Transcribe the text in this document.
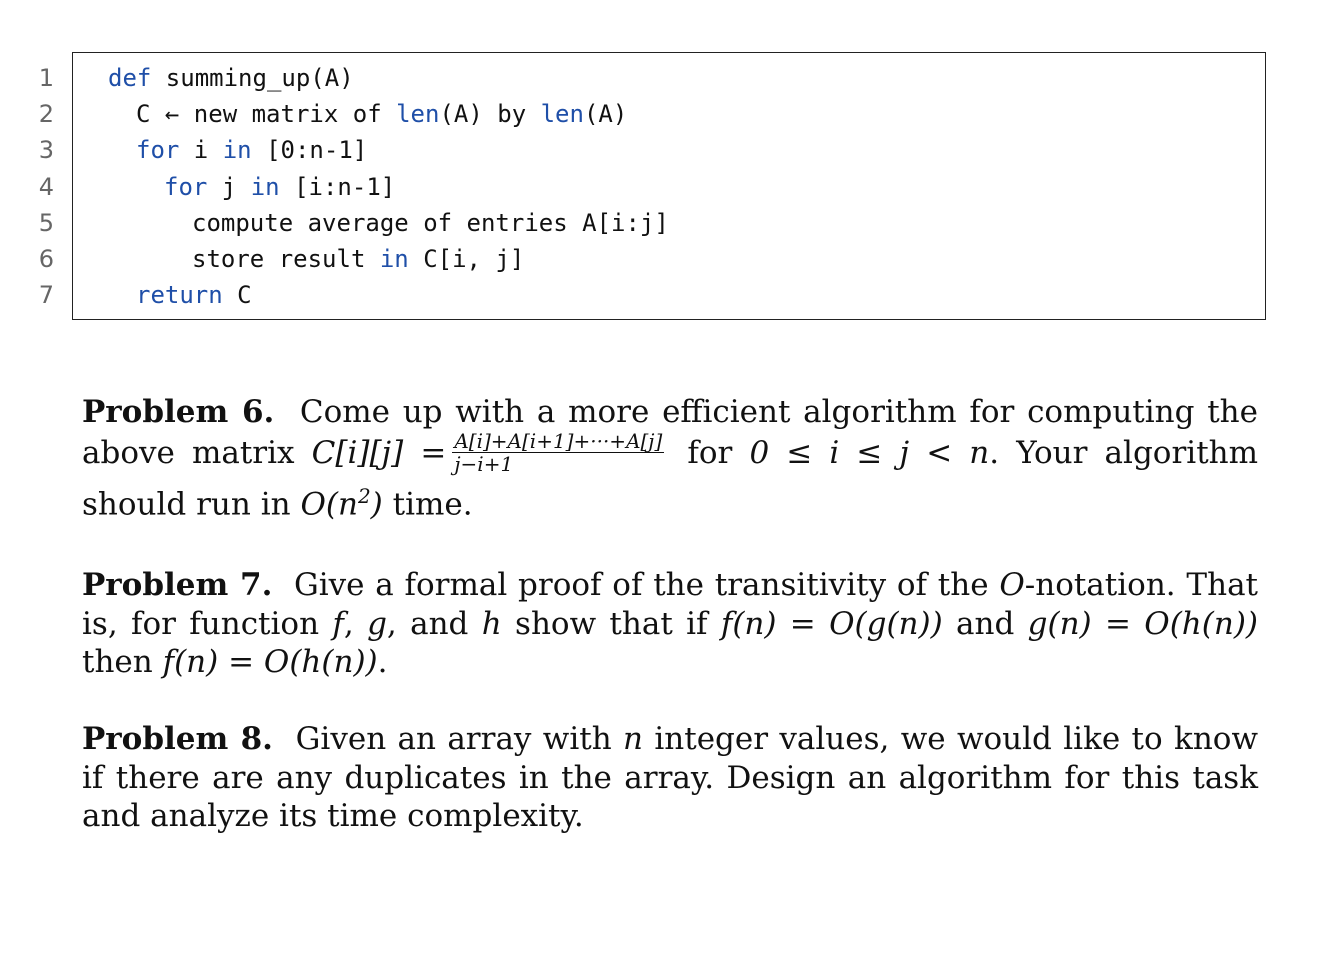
1
2
3
4
5
6
7
def summing_up(A)
C ← new matrix of len(A) by len(A)
for i in [0:n-1]
for j in [i:n-1]
compute average of entries A[i:j]
store result in C[i, j]
return C
Problem 6. Come up with a more efficient algorithm for computing the above matrix $C[i][j] = \frac{A[i]+A[i+1]+\cdot\cdot\cdot+A[j]}{j-i+1}$ for 0 ≤ i ≤ j < n. Your algorithm should run in $O(n^2)$ time.
Problem 7. Give a formal proof of the transitivity of the O-notation. That is, for function f, g, and h show that if f(n) = O(g(n)) and g(n) = O(h(n)) then f(n) = O(h(n)).
Problem 8. Given an array with n integer values, we would like to know if there are any duplicates in the array. Design an algorithm for this task and analyze its time complexity.
